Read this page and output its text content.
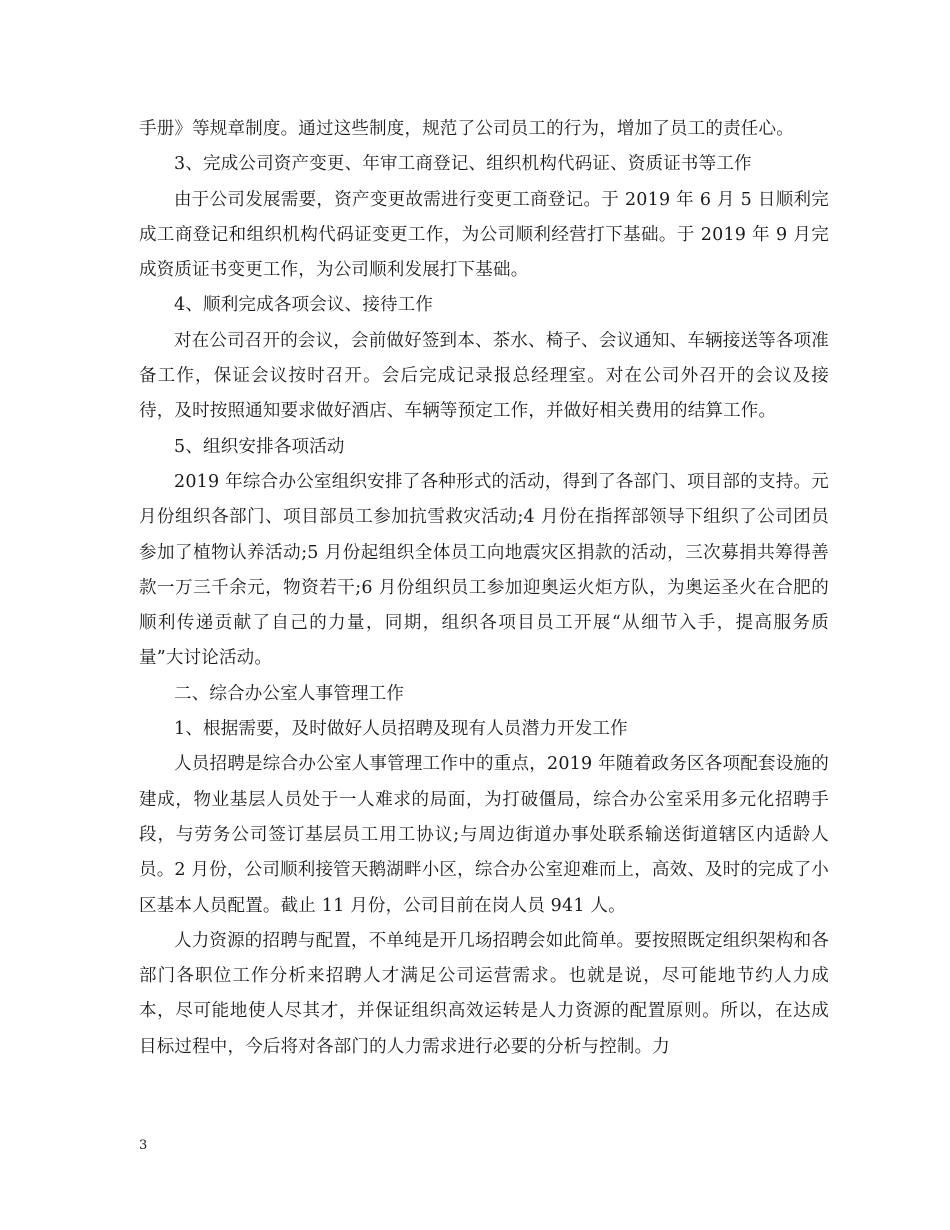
手册》等规章制度。通过这些制度，规范了公司员工的行为，增加了员工的责任心。

3、完成公司资产变更、年审工商登记、组织机构代码证、资质证书等工作

由于公司发展需要，资产变更故需进行变更工商登记。于 2019 年 6 月 5 日顺利完成工商登记和组织机构代码证变更工作，为公司顺利经营打下基础。于 2019 年 9 月完成资质证书变更工作，为公司顺利发展打下基础。

4、顺利完成各项会议、接待工作

对在公司召开的会议，会前做好签到本、茶水、椅子、会议通知、车辆接送等各项准备工作，保证会议按时召开。会后完成记录报总经理室。对在公司外召开的会议及接待，及时按照通知要求做好酒店、车辆等预定工作，并做好相关费用的结算工作。

5、组织安排各项活动

2019 年综合办公室组织安排了各种形式的活动，得到了各部门、项目部的支持。元月份组织各部门、项目部员工参加抗雪救灾活动;4 月份在指挥部领导下组织了公司团员参加了植物认养活动;5 月份起组织全体员工向地震灾区捐款的活动，三次募捐共筹得善款一万三千余元，物资若干;6 月份组织员工参加迎奥运火炬方队，为奥运圣火在合肥的顺利传递贡献了自己的力量，同期，组织各项目员工开展“从细节入手，提高服务质量”大讨论活动。

二、综合办公室人事管理工作

1、根据需要，及时做好人员招聘及现有人员潜力开发工作

人员招聘是综合办公室人事管理工作中的重点，2019 年随着政务区各项配套设施的建成，物业基层人员处于一人难求的局面，为打破僵局，综合办公室采用多元化招聘手段，与劳务公司签订基层员工用工协议;与周边街道办事处联系输送街道辖区内适龄人员。2 月份，公司顺利接管天鹅湖畔小区，综合办公室迎难而上，高效、及时的完成了小区基本人员配置。截止 11 月份，公司目前在岗人员 941 人。

人力资源的招聘与配置，不单纯是开几场招聘会如此简单。要按照既定组织架构和各部门各职位工作分析来招聘人才满足公司运营需求。也就是说，尽可能地节约人力成本，尽可能地使人尽其才，并保证组织高效运转是人力资源的配置原则。所以，在达成目标过程中，今后将对各部门的人力需求进行必要的分析与控制。力

3
